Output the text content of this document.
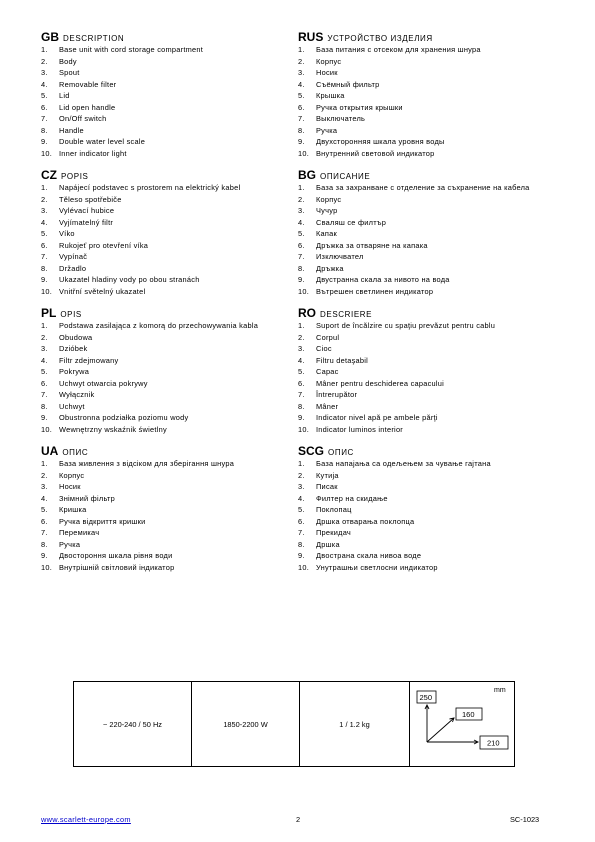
GB DESCRIPTION
1. Base unit with cord storage compartment
2. Body
3. Spout
4. Removable filter
5. Lid
6. Lid open handle
7. On/Off switch
8. Handle
9. Double water level scale
10. Inner indicator light
CZ POPIS
1. Napájecí podstavec s prostorem na elektrický kabel
2. Těleso spotřebiče
3. Vylévací hubice
4. Vyjímatelný filtr
5. Víko
6. Rukojeť pro otevření víka
7. Vypínač
8. Držadlo
9. Ukazatel hladiny vody po obou stranách
10. Vnitřní světelný ukazatel
PL OPIS
1. Podstawa zasilająca z komorą do przechowywania kabla
2. Obudowa
3. Dzióbek
4. Filtr zdejmowany
5. Pokrywa
6. Uchwyt otwarcia pokrywy
7. Wyłącznik
8. Uchwyt
9. Obustronna podziałka poziomu wody
10. Wewnętrzny wskaźnik świetlny
UA ОПИС
1. База живлення з відсіком для зберігання шнура
2. Корпус
3. Носик
4. Знімний фільтр
5. Кришка
6. Ручка відкриття кришки
7. Перемикач
8. Ручка
9. Двостороння шкала рівня води
10. Внутрішній світловий індикатор
RUS УСТРОЙСТВО ИЗДЕЛИЯ
1. База питания с отсеком для хранения шнура
2. Корпус
3. Носик
4. Съёмный фильтр
5. Крышка
6. Ручка открытия крышки
7. Выключатель
8. Ручка
9. Двухсторонняя шкала уровня воды
10. Внутренний световой индикатор
BG ОПИСАНИЕ
1. База за захранване с отделение за съхранение на кабела
2. Корпус
3. Чучур
4. Сваляш се филтър
5. Капак
6. Дръжка за отваряне на капака
7. Изключвател
8. Дръжка
9. Двустранна скала за нивото на вода
10. Вътрешен светлинен индикатор
RO DESCRIERE
1. Suport de încălzire cu spaţiu prevăzut pentru cablu
2. Corpul
3. Cioc
4. Filtru detaşabil
5. Capac
6. Mâner pentru deschiderea capacului
7. Întrerupător
8. Mâner
9. Indicator nivel apă pe ambele părţi
10. Indicator luminos interior
SCG ОПИС
1. База напајања са одељењем за чување гајтана
2. Кутија
3. Писак
4. Филтер на скидање
5. Поклопац
6. Дршка отварања поклопца
7. Прекидач
8. Дршка
9. Двострана скала нивоа воде
10. Унутрашњи светлосни индикатор
~ 220-240 / 50 Hz	1850-2200 W	1 / 1.2 kg
mm
250
160
210
www.scarlett-europe.com	2	SC-1023
